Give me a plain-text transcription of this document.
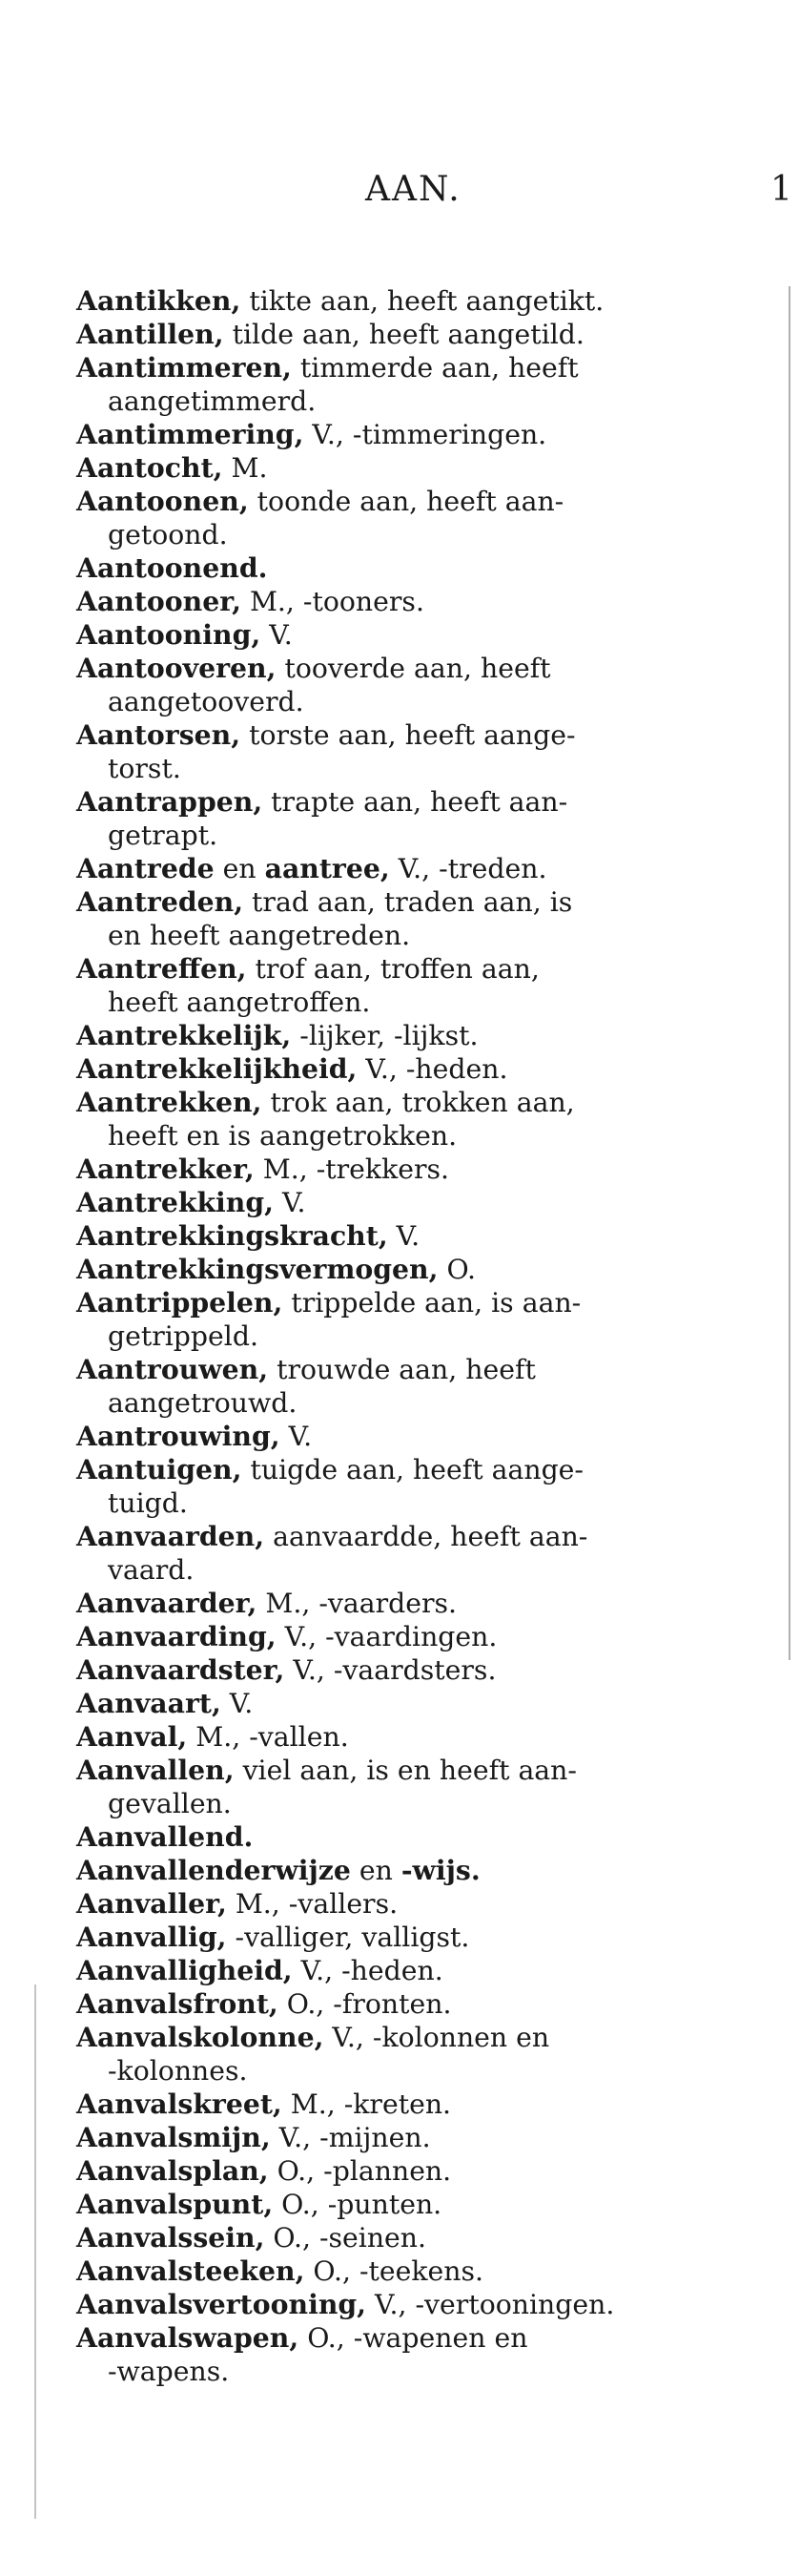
AAN.	1
Aantikken, tikte aan, heeft aangetikt.
Aantillen, tilde aan, heeft aangetild.
Aantimmeren, timmerde aan, heeft
aangetimmerd.
Aantimmering, V., -timmeringen.
Aantocht, M.
Aantoonen, toonde aan, heeft aan-
getoond.
Aantoonend.
Aantooner, M., -tooners.
Aantooning, V.
Aantooveren, tooverde aan, heeft
aangetooverd.
Aantorsen, torste aan, heeft aange-
torst.
Aantrappen, trapte aan, heeft aan-
getrapt.
Aantrede en aantree, V., -treden.
Aantreden, trad aan, traden aan, is
en heeft aangetreden.
Aantreffen, trof aan, troffen aan,
heeft aangetroffen.
Aantrekkelijk, -lijker, -lijkst.
Aantrekkelijkheid, V., -heden.
Aantrekken, trok aan, trokken aan,
heeft en is aangetrokken.
Aantrekker, M., -trekkers.
Aantrekking, V.
Aantrekkingskracht, V.
Aantrekkingsvermogen, O.
Aantrippelen, trippelde aan, is aan-
getrippeld.
Aantrouwen, trouwde aan, heeft
aangetrouwd.
Aantrouwing, V.
Aantuigen, tuigde aan, heeft aange-
tuigd.
Aanvaarden, aanvaardde, heeft aan-
vaard.
Aanvaarder, M., -vaarders.
Aanvaarding, V., -vaardingen.
Aanvaardster, V., -vaardsters.
Aanvaart, V.
Aanval, M., -vallen.
Aanvallen, viel aan, is en heeft aan-
gevallen.
Aanvallend.
Aanvallenderwijze en -wijs.
Aanvaller, M., -vallers.
Aanvallig, -valliger, valligst.
Aanvalligheid, V., -heden.
Aanvalsfront, O., -fronten.
Aanvalskolonne, V., -kolonnen en
-kolonnes.
Aanvalskreet, M., -kreten.
Aanvalsmijn, V., -mijnen.
Aanvalsplan, O., -plannen.
Aanvalspunt, O., -punten.
Aanvalssein, O., -seinen.
Aanvalsteeken, O., -teekens.
Aanvalsvertooning, V., -vertooningen.
Aanvalswapen, O., -wapenen en
-wapens.
